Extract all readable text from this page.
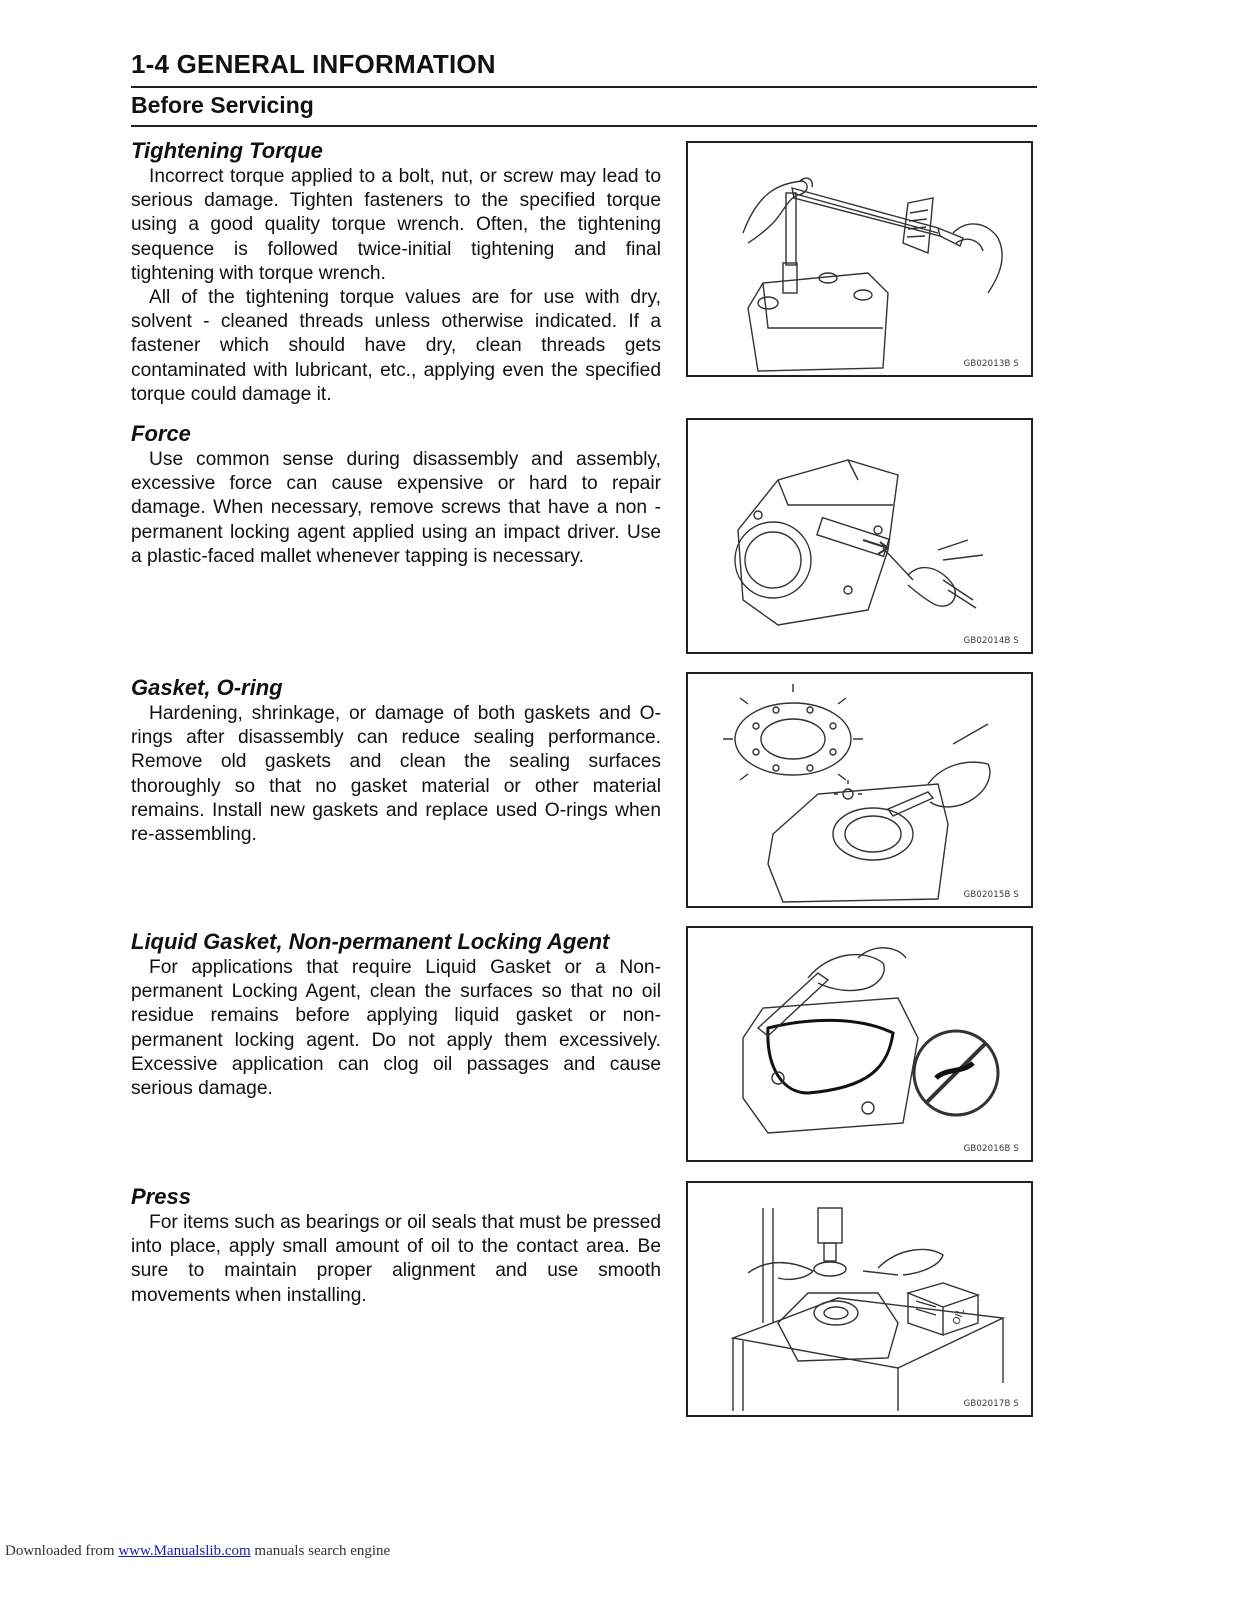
1-4 GENERAL INFORMATION
Before Servicing
Tightening Torque

Incorrect torque applied to a bolt, nut, or screw may lead to serious damage. Tighten fasteners to the specified torque using a good quality torque wrench. Often, the tightening sequence is followed twice-initial tightening and final tightening with torque wrench.

All of the tightening torque values are for use with dry, solvent - cleaned threads unless otherwise indicated. If a fastener which should have dry, clean threads gets contaminated with lubricant, etc., applying even the specified torque could damage it.

Force

Use common sense during disassembly and assembly, excessive force can cause expensive or hard to repair damage. When necessary, remove screws that have a non -permanent locking agent applied using an impact driver. Use a plastic-faced mallet whenever tapping is necessary.

Gasket, O-ring

Hardening, shrinkage, or damage of both gaskets and O-rings after disassembly can reduce sealing performance. Remove old gaskets and clean the sealing surfaces thoroughly so that no gasket material or other material remains. Install new gaskets and replace used O-rings when re-assembling.

Liquid Gasket, Non-permanent Locking Agent

For applications that require Liquid Gasket or a Non-permanent Locking Agent, clean the surfaces so that no oil residue remains before applying liquid gasket or non-permanent locking agent. Do not apply them excessively. Excessive application can clog oil passages and cause serious damage.

Press

For items such as bearings or oil seals that must be pressed into place, apply small amount of oil to the contact area. Be sure to maintain proper alignment and use smooth movements when installing.

GB02013B S
GB02014B S
GB02015B S
GB02016B S
OIL
GB02017B S
Downloaded from www.Manualslib.com manuals search engine
